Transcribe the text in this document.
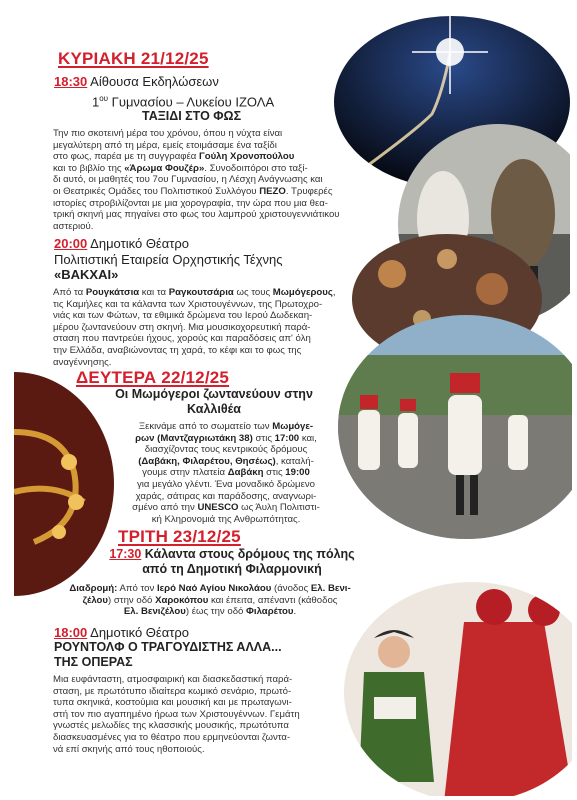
ΚΥΡΙΑΚΗ 21/12/25
18:30 Αίθουσα Εκδηλώσεων
$1^{o\upsilon}$ Γυμνασίου – Λυκείου ΙΖΟΛΑ
ΤΑΞΙΔΙ ΣΤΟ ΦΩΣ
Την πιο σκοτεινή μέρα του χρόνου, όπου η νύχτα είναι
μεγαλύτερη από τη μέρα, εμείς ετοιμάσαμε ένα ταξίδι
στο φως, παρέα με τη συγγραφέα Γούλη Χρονοπούλου
και το βιβλίο της «Άρωμα Φουζέρ». Συνοδοιπόροι στο ταξί-
δι αυτό, οι μαθητές του 7ου Γυμνασίου, η Λέσχη Ανάγνωσης και
οι Θεατρικές Ομάδες του Πολιτιστικού Συλλόγου ΠΕΖΟ. Τρυφερές
ιστορίες στροβιλίζονται με μια χορογραφία, την ώρα που μια θεα-
τρική σκηνή μας πηγαίνει στο φως του λαμπρού χριστουγεννιάτικου
αστεριού.
20:00 Δημοτικό Θέατρο
Πολιτιστική Εταιρεία Ορχηστικής Τέχνης
«ΒΑΚΧΑΙ»
Από τα Ρουγκάτσια και τα Ραγκουτσάρια ως τους Μωμόγερους,
τις Καμήλες και τα κάλαντα των Χριστουγέννων, της Πρωτοχρο-
νιάς και των Φώτων, τα εθιμικά δρώμενα του Ιερού Δωδεκαη-
μέρου ζωντανεύουν στη σκηνή. Μια μουσικοχορευτική παρά-
σταση που παντρεύει ήχους, χορούς και παραδόσεις απ' όλη
την Ελλάδα, αναβιώνοντας τη χαρά, το κέφι και το φως της
αναγέννησης.
ΔΕΥΤΕΡΑ 22/12/25
Οι Μωμόγεροι ζωντανεύουν στην
Καλλιθέα
Ξεκινάμε από το σωματείο των Μωμόγε-
ρων (Μαντζαγριωτάκη 38) στις 17:00 και,
διασχίζοντας τους κεντρικούς δρόμους
(Δαβάκη, Φιλαρέτου, Θησέως), καταλή-
γουμε στην πλατεία Δαβάκη στις 19:00
για μεγάλο γλέντι. Ένα μοναδικό δρώμενο
χαράς, σάτιρας και παράδοσης, αναγνωρι-
σμένο από την UNESCO ως Άυλη Πολιτιστι-
κή Κληρονομιά της Ανθρωπότητας.
ΤΡΙΤΗ 23/12/25
17:30 Κάλαντα στους δρόμους της πόλης
από τη Δημοτική Φιλαρμονική
Διαδρομή: Από τον Ιερό Ναό Αγίου Νικολάου (άνοδος Ελ. Βενι-
ζέλου) στην οδό Χαροκόπου και έπειτα, απέναντι (κάθοδος
Ελ. Βενιζέλου) έως την οδό Φιλαρέτου.
18:00 Δημοτικό Θέατρο
ΡΟΥΝΤΟΛΦ Ο ΤΡΑΓΟΥΔΙΣΤΗΣ ΑΛΛΑ...
ΤΗΣ ΟΠΕΡΑΣ
Μια ευφάνταστη, ατμοσφαιρική και διασκεδαστική παρά-
σταση, με πρωτότυπο ιδιαίτερα κωμικό σενάριο, πρωτό-
τυπα σκηνικά, κοστούμια και μουσική και με πρωταγωνι-
στή τον πιο αγαπημένο ήρωα των Χριστουγέννων. Γεμάτη
γνωστές μελωδίες της κλασσικής μουσικής, πρωτότυπα
διασκευασμένες για το θέατρο που ερμηνεύονται ζωντα-
νά επί σκηνής από τους ηθοποιούς.
